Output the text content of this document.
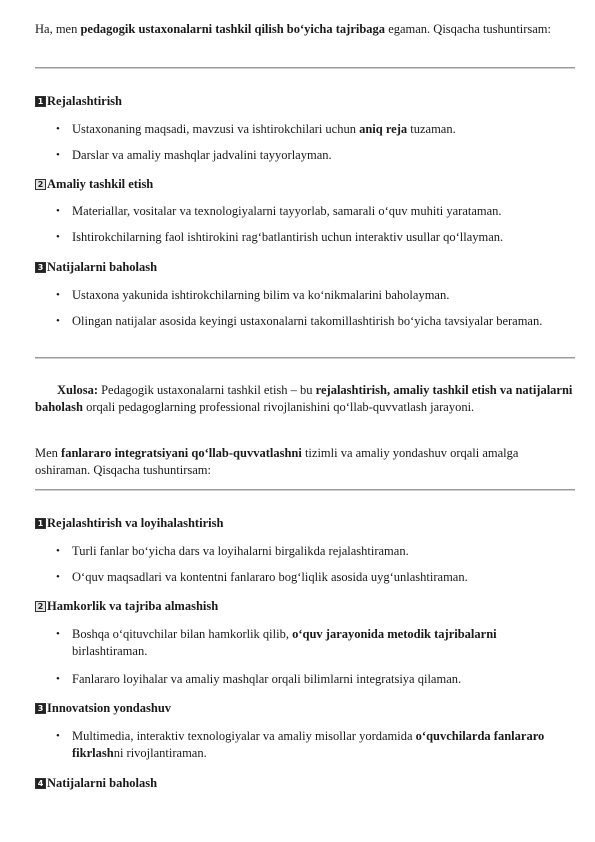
Ha, men pedagogik ustaxonalarni tashkil qilish bo‘yicha tajribaga egaman. Qisqacha tushuntirsam:

1 Rejalashtirish

• Ustaxonaning maqsadi, mavzusi va ishtirokchilari uchun aniq reja tuzaman.
• Darslar va amaliy mashqlar jadvalini tayyorlayman.

2 Amaliy tashkil etish

• Materiallar, vositalar va texnologiyalarni tayyorlab, samarali o‘quv muhiti yarataman.
• Ishtirokchilarning faol ishtirokini rag‘batlantirish uchun interaktiv usullar qo‘llayman.

3 Natijalarni baholash

• Ustaxona yakunida ishtirokchilarning bilim va ko‘nikmalarini baholayman.
• Olingan natijalar asosida keyingi ustaxonalarni takomillashtirish bo‘yicha tavsiyalar beraman.

Xulosa: Pedagogik ustaxonalarni tashkil etish – bu rejalashtirish, amaliy tashkil etish va natijalarni baholash orqali pedagoglarning professional rivojlanishini qo‘llab-quvvatlash jarayoni.

Men fanlararo integratsiyani qo‘llab-quvvatlashni tizimli va amaliy yondashuv orqali amalga oshiraman. Qisqacha tushuntirsam:

1 Rejalashtirish va loyihalashtirish

• Turli fanlar bo‘yicha dars va loyihalarni birgalikda rejalashtiraman.
• O‘quv maqsadlari va kontentni fanlararo bog‘liqlik asosida uyg‘unlashtiraman.

2 Hamkorlik va tajriba almashish

• Boshqa o‘qituvchilar bilan hamkorlik qilib, o‘quv jarayonida metodik tajribalarni birlashtiraman.
• Fanlararo loyihalar va amaliy mashqlar orqali bilimlarni integratsiya qilaman.

3 Innovatsion yondashuv

• Multimedia, interaktiv texnologiyalar va amaliy misollar yordamida o‘quvchilarda fanlararo fikrlashni rivojlantiraman.

4 Natijalarni baholash
